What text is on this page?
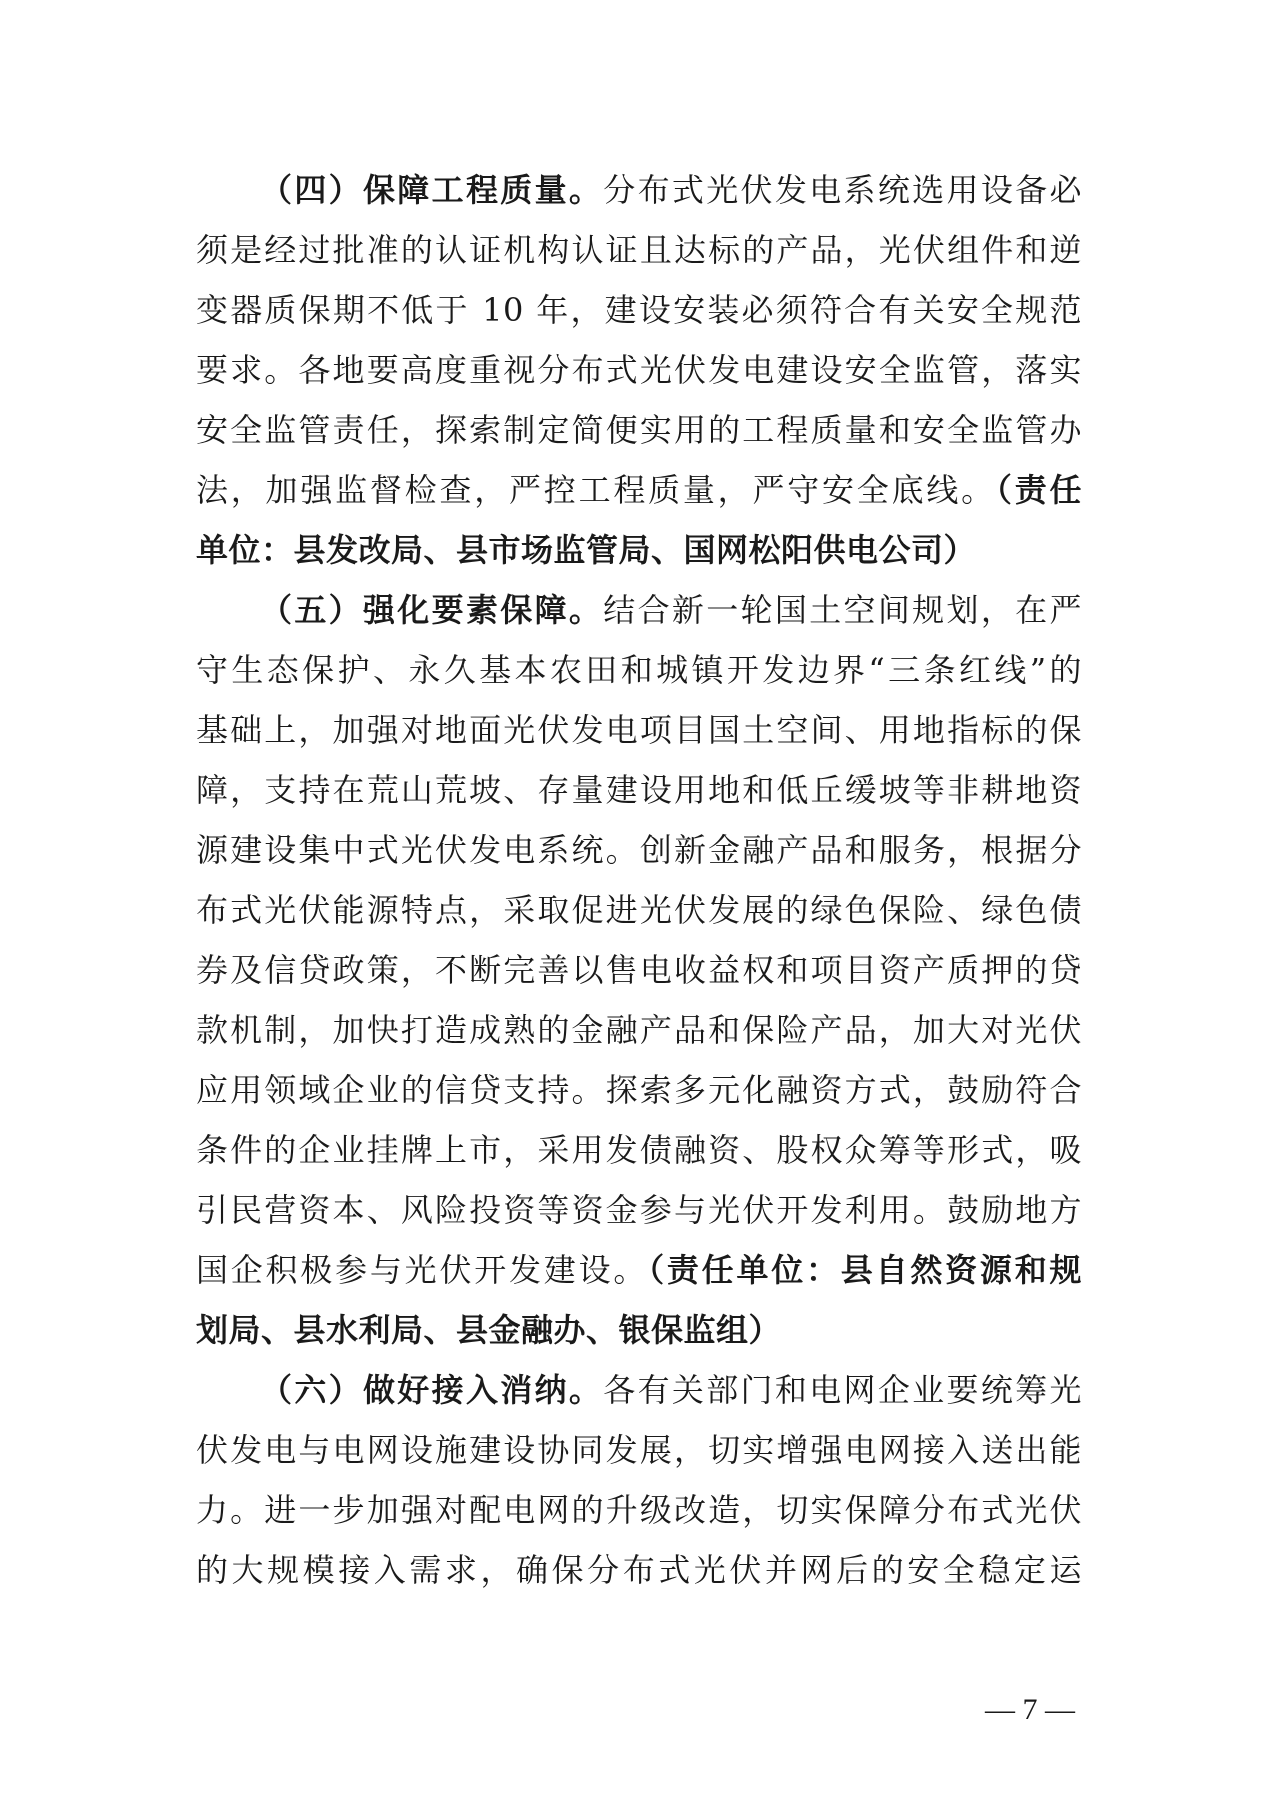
（四）保障工程质量。分布式光伏发电系统选用设备必
须是经过批准的认证机构认证且达标的产品，光伏组件和逆
变器质保期不低于 10 年，建设安装必须符合有关安全规范
要求。各地要高度重视分布式光伏发电建设安全监管，落实
安全监管责任，探索制定简便实用的工程质量和安全监管办
法，加强监督检查，严控工程质量，严守安全底线。（责任
单位：县发改局、县市场监管局、国网松阳供电公司）
（五）强化要素保障。结合新一轮国土空间规划，在严
守生态保护、永久基本农田和城镇开发边界“三条红线”的
基础上，加强对地面光伏发电项目国土空间、用地指标的保
障，支持在荒山荒坡、存量建设用地和低丘缓坡等非耕地资
源建设集中式光伏发电系统。创新金融产品和服务，根据分
布式光伏能源特点，采取促进光伏发展的绿色保险、绿色债
券及信贷政策，不断完善以售电收益权和项目资产质押的贷
款机制，加快打造成熟的金融产品和保险产品，加大对光伏
应用领域企业的信贷支持。探索多元化融资方式，鼓励符合
条件的企业挂牌上市，采用发债融资、股权众筹等形式，吸
引民营资本、风险投资等资金参与光伏开发利用。鼓励地方
国企积极参与光伏开发建设。（责任单位：县自然资源和规
划局、县水利局、县金融办、银保监组）
（六）做好接入消纳。各有关部门和电网企业要统筹光
伏发电与电网设施建设协同发展，切实增强电网接入送出能
力。进一步加强对配电网的升级改造，切实保障分布式光伏
的大规模接入需求，确保分布式光伏并网后的安全稳定运
— 7 —
